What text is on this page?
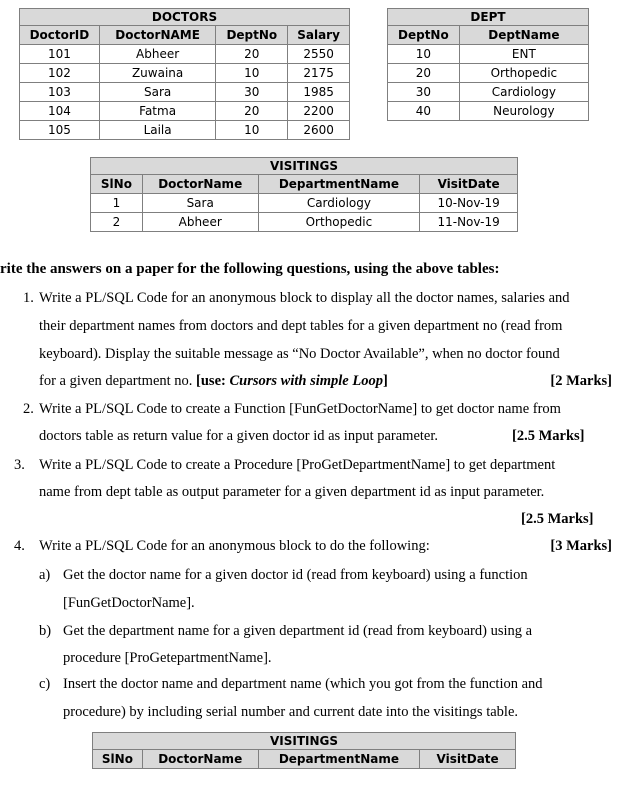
DOCTORS			
DoctorID	DoctorNAME	DeptNo	Salary
101	Abheer	20	2550
102	Zuwaina	10	2175
103	Sara	30	1985
104	Fatma	20	2200
105	Laila	10	2600
DEPT	
DeptNo	DeptName
10	ENT
20	Orthopedic
30	Cardiology
40	Neurology
VISITINGS			
SlNo	DoctorName	DepartmentName	VisitDate
1	Sara	Cardiology	10-Nov-19
2	Abheer	Orthopedic	11-Nov-19
rite the answers on a paper for the following questions, using the above tables:
1. Write a PL/SQL Code for an anonymous block to display all the doctor names, salaries and
their department names from doctors and dept tables for a given department no (read from
keyboard). Display the suitable message as “No Doctor Available”, when no doctor found
for a given department no. [use: Cursors with simple Loop]	[2 Marks]
2. Write a PL/SQL Code to create a Function [FunGetDoctorName] to get doctor name from
doctors table as return value for a given doctor id as input parameter.	[2.5 Marks]
3. Write a PL/SQL Code to create a Procedure [ProGetDepartmentName] to get department
name from dept table as output parameter for a given department id as input parameter.
[2.5 Marks]
4. Write a PL/SQL Code for an anonymous block to do the following:	[3 Marks]
a) Get the doctor name for a given doctor id (read from keyboard) using a function
[FunGetDoctorName].
b) Get the department name for a given department id (read from keyboard) using a
procedure [ProGetepartmentName].
c) Insert the doctor name and department name (which you got from the function and
procedure) by including serial number and current date into the visitings table.
VISITINGS
SlNo	DoctorName	DepartmentName	VisitDate
